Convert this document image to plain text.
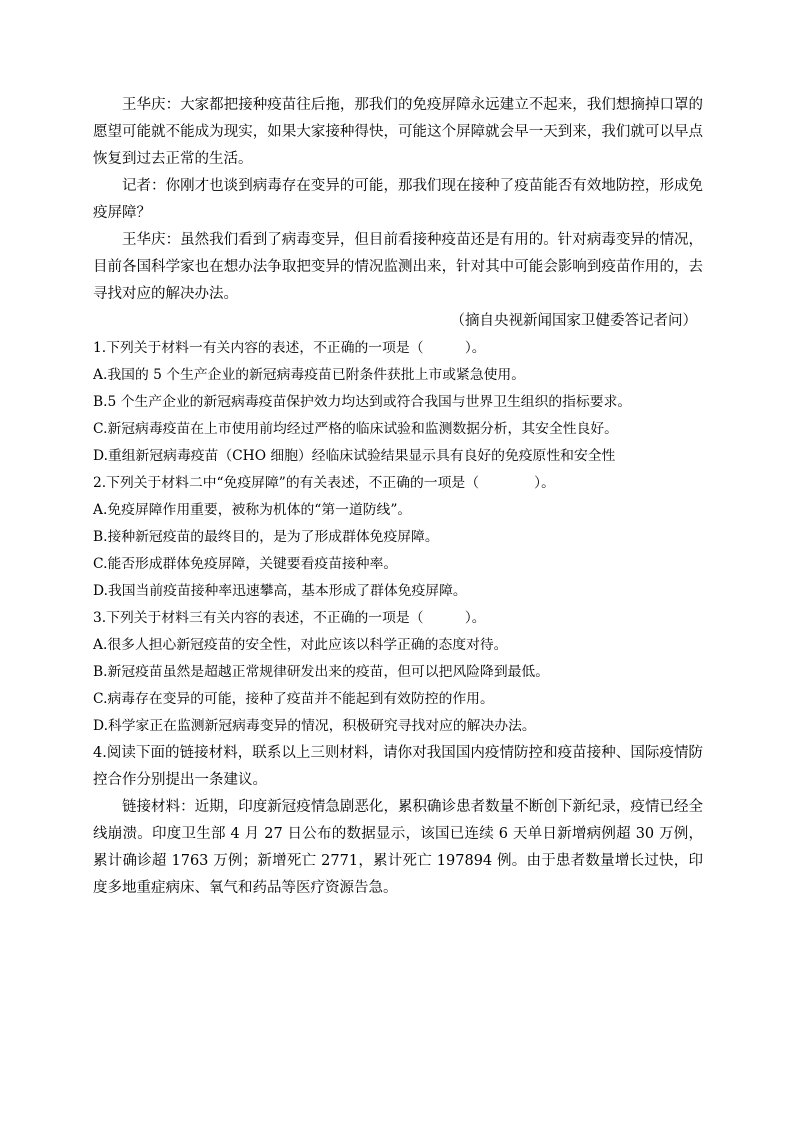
王华庆：大家都把接种疫苗往后拖，那我们的免疫屏障永远建立不起来，我们想摘掉口罩的愿望可能就不能成为现实，如果大家接种得快，可能这个屏障就会早一天到来，我们就可以早点恢复到过去正常的生活。

记者：你刚才也谈到病毒存在变异的可能，那我们现在接种了疫苗能否有效地防控，形成免疫屏障？

王华庆：虽然我们看到了病毒变异，但目前看接种疫苗还是有用的。针对病毒变异的情况，目前各国科学家也在想办法争取把变异的情况监测出来，针对其中可能会影响到疫苗作用的，去寻找对应的解决办法。

（摘自央视新闻国家卫健委答记者问）

1.下列关于材料一有关内容的表述，不正确的一项是（　　　）。

A.我国的 5 个生产企业的新冠病毒疫苗已附条件获批上市或紧急使用。

B.5 个生产企业的新冠病毒疫苗保护效力均达到或符合我国与世界卫生组织的指标要求。

C.新冠病毒疫苗在上市使用前均经过严格的临床试验和监测数据分析，其安全性良好。

D.重组新冠病毒疫苗（CHO 细胞）经临床试验结果显示具有良好的免疫原性和安全性

2.下列关于材料二中“免疫屏障”的有关表述，不正确的一项是（　　　　）。

A.免疫屏障作用重要，被称为机体的“第一道防线”。

B.接种新冠疫苗的最终目的，是为了形成群体免疫屏障。

C.能否形成群体免疫屏障，关键要看疫苗接种率。

D.我国当前疫苗接种率迅速攀高，基本形成了群体免疫屏障。

3.下列关于材料三有关内容的表述，不正确的一项是（　　　）。

A.很多人担心新冠疫苗的安全性，对此应该以科学正确的态度对待。

B.新冠疫苗虽然是超越正常规律研发出来的疫苗，但可以把风险降到最低。

C.病毒存在变异的可能，接种了疫苗并不能起到有效防控的作用。

D.科学家正在监测新冠病毒变异的情况，积极研究寻找对应的解决办法。

4.阅读下面的链接材料，联系以上三则材料，请你对我国国内疫情防控和疫苗接种、国际疫情防控合作分别提出一条建议。

链接材料：近期，印度新冠疫情急剧恶化，累积确诊患者数量不断创下新纪录，疫情已经全线崩溃。印度卫生部 4 月 27 日公布的数据显示，该国已连续 6 天单日新增病例超 30 万例，累计确诊超 1763 万例；新增死亡 2771，累计死亡 197894 例。由于患者数量增长过快，印度多地重症病床、氧气和药品等医疗资源告急。
